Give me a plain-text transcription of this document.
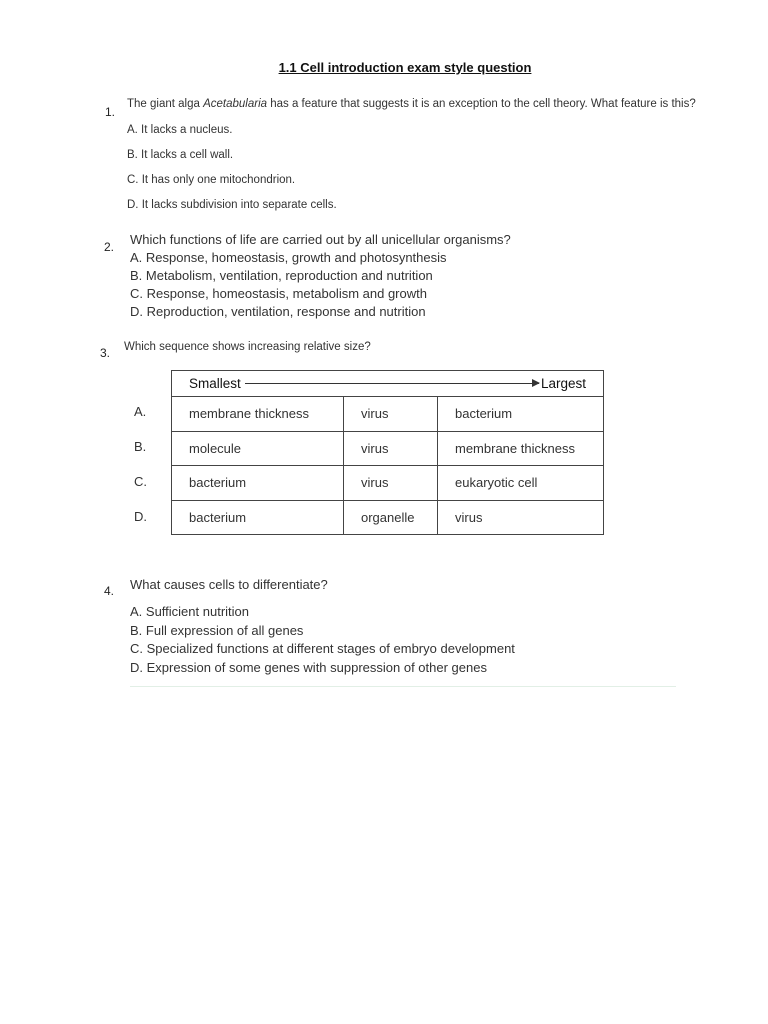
1.1 Cell introduction exam style question
1.
The giant alga Acetabularia has a feature that suggests it is an exception to the cell theory. What feature is this?
A. It lacks a nucleus.
B. It lacks a cell wall.
C. It has only one mitochondrion.
D. It lacks subdivision into separate cells.
2. Which functions of life are carried out by all unicellular organisms?
A. Response, homeostasis, growth and photosynthesis
B. Metabolism, ventilation, reproduction and nutrition
C. Response, homeostasis, metabolism and growth
D. Reproduction, ventilation, response and nutrition
3. Which sequence shows increasing relative size?
A.
B.
C.
D.
Smallest Largest		

membrane thickness	virus	bacterium
molecule	virus	membrane thickness
bacterium	virus	eukaryotic cell
bacterium	organelle	virus
4. What causes cells to differentiate?
A. Sufficient nutrition
B. Full expression of all genes
C. Specialized functions at different stages of embryo development
D. Expression of some genes with suppression of other genes
